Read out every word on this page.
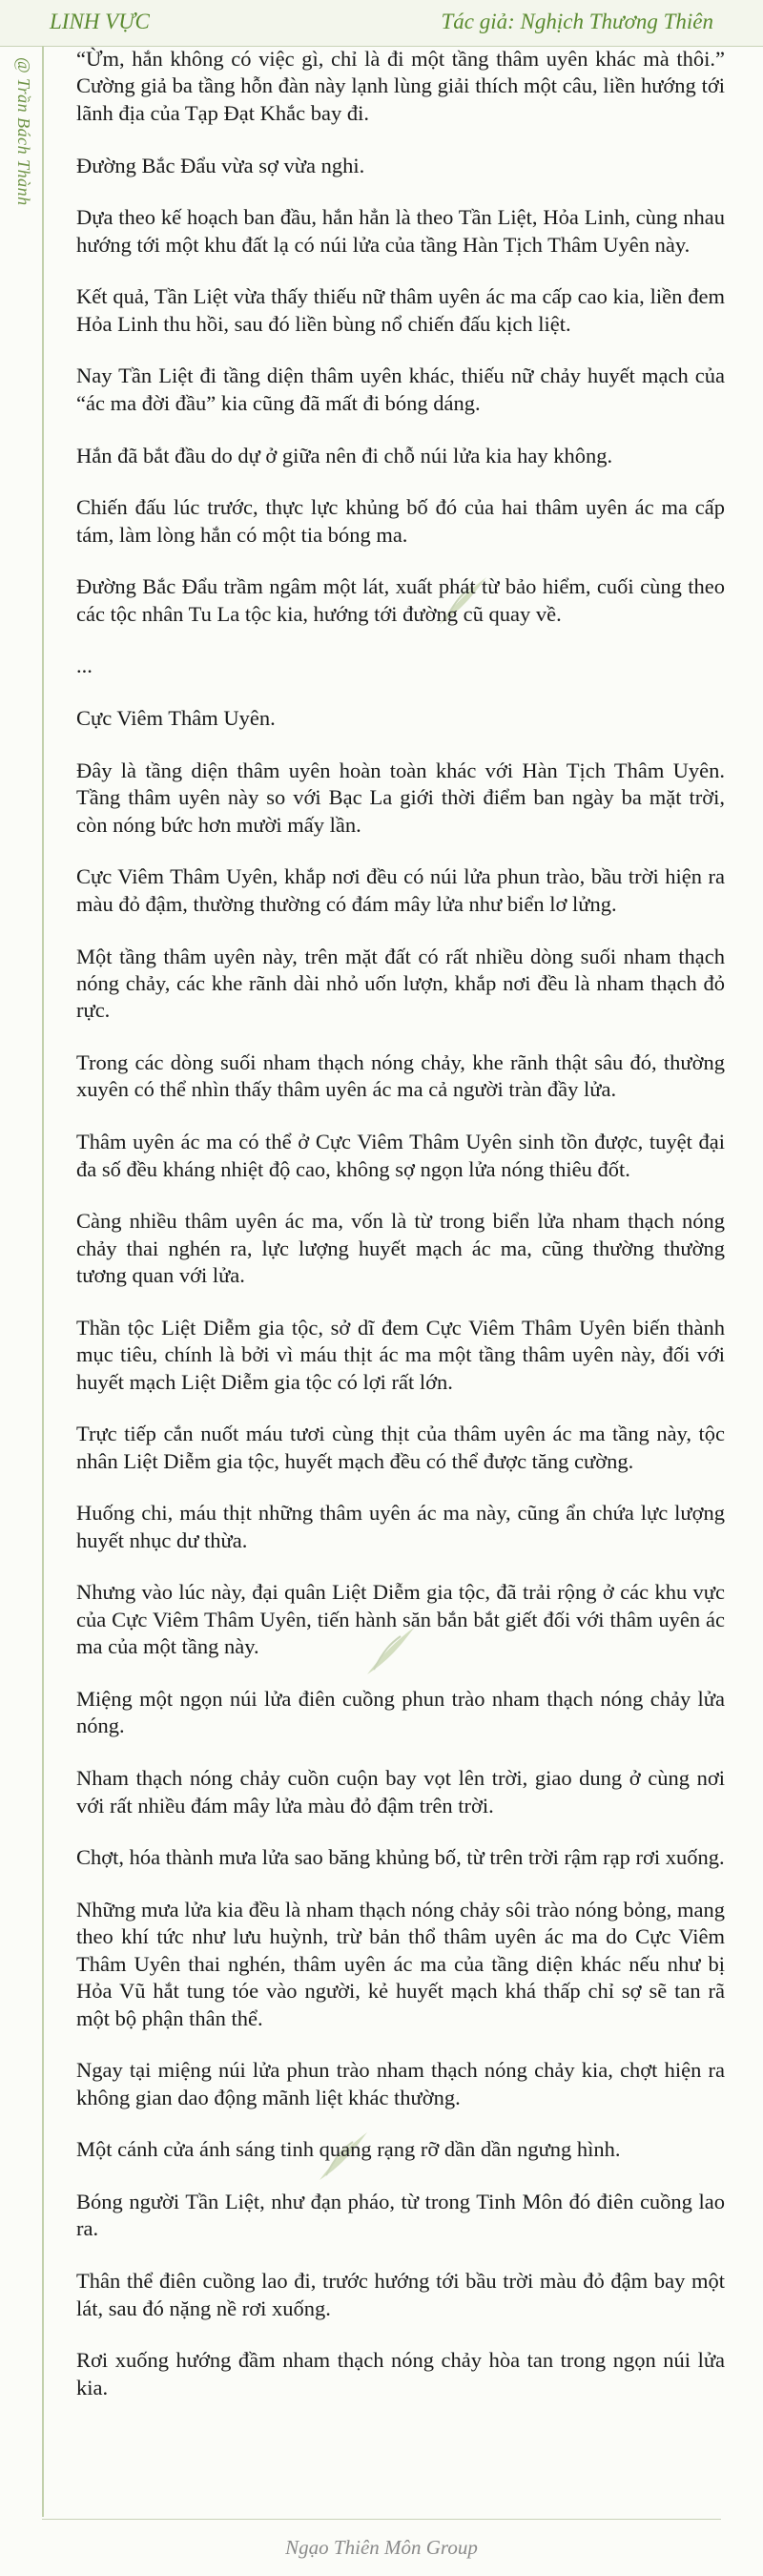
LINH VỰC	Tác giả: Nghịch Thương Thiên
@ Trần Bách Thành “Ừm, hắn không có việc gì, chỉ là đi một tầng thâm uyên khác mà thôi.” Cường giả ba tầng hỗn đàn này lạnh lùng giải thích một câu, liền hướng tới lãnh địa của Tạp Đạt Khắc bay đi.

Đường Bắc Đẩu vừa sợ vừa nghi.

Dựa theo kế hoạch ban đầu, hắn hẳn là theo Tần Liệt, Hỏa Linh, cùng nhau hướng tới một khu đất lạ có núi lửa của tầng Hàn Tịch Thâm Uyên này.

Kết quả, Tần Liệt vừa thấy thiếu nữ thâm uyên ác ma cấp cao kia, liền đem Hỏa Linh thu hồi, sau đó liền bùng nổ chiến đấu kịch liệt.

Nay Tần Liệt đi tầng diện thâm uyên khác, thiếu nữ chảy huyết mạch của “ác ma đời đầu” kia cũng đã mất đi bóng dáng.

Hắn đã bắt đầu do dự ở giữa nên đi chỗ núi lửa kia hay không.

Chiến đấu lúc trước, thực lực khủng bố đó của hai thâm uyên ác ma cấp tám, làm lòng hắn có một tia bóng ma.

Đường Bắc Đẩu trầm ngâm một lát, xuất phát từ bảo hiểm, cuối cùng theo các tộc nhân Tu La tộc kia, hướng tới đường cũ quay về.

...

Cực Viêm Thâm Uyên.

Đây là tầng diện thâm uyên hoàn toàn khác với Hàn Tịch Thâm Uyên. Tầng thâm uyên này so với Bạc La giới thời điểm ban ngày ba mặt trời, còn nóng bức hơn mười mấy lần.

Cực Viêm Thâm Uyên, khắp nơi đều có núi lửa phun trào, bầu trời hiện ra màu đỏ đậm, thường thường có đám mây lửa như biển lơ lửng.

Một tầng thâm uyên này, trên mặt đất có rất nhiều dòng suối nham thạch nóng chảy, các khe rãnh dài nhỏ uốn lượn, khắp nơi đều là nham thạch đỏ rực.

Trong các dòng suối nham thạch nóng chảy, khe rãnh thật sâu đó, thường xuyên có thể nhìn thấy thâm uyên ác ma cả người tràn đầy lửa.

Thâm uyên ác ma có thể ở Cực Viêm Thâm Uyên sinh tồn được, tuyệt đại đa số đều kháng nhiệt độ cao, không sợ ngọn lửa nóng thiêu đốt.

Càng nhiều thâm uyên ác ma, vốn là từ trong biển lửa nham thạch nóng chảy thai nghén ra, lực lượng huyết mạch ác ma, cũng thường thường tương quan với lửa.

Thần tộc Liệt Diễm gia tộc, sở dĩ đem Cực Viêm Thâm Uyên biến thành mục tiêu, chính là bởi vì máu thịt ác ma một tầng thâm uyên này, đối với huyết mạch Liệt Diễm gia tộc có lợi rất lớn.

Trực tiếp cắn nuốt máu tươi cùng thịt của thâm uyên ác ma tầng này, tộc nhân Liệt Diễm gia tộc, huyết mạch đều có thể được tăng cường.

Huống chi, máu thịt những thâm uyên ác ma này, cũng ẩn chứa lực lượng huyết nhục dư thừa.

Nhưng vào lúc này, đại quân Liệt Diễm gia tộc, đã trải rộng ở các khu vực của Cực Viêm Thâm Uyên, tiến hành săn bắn bắt giết đối với thâm uyên ác ma của một tầng này.

Miệng một ngọn núi lửa điên cuồng phun trào nham thạch nóng chảy lửa nóng.

Nham thạch nóng chảy cuồn cuộn bay vọt lên trời, giao dung ở cùng nơi với rất nhiều đám mây lửa màu đỏ đậm trên trời.

Chợt, hóa thành mưa lửa sao băng khủng bố, từ trên trời rậm rạp rơi xuống.

Những mưa lửa kia đều là nham thạch nóng chảy sôi trào nóng bỏng, mang theo khí tức như lưu huỳnh, trừ bản thổ thâm uyên ác ma do Cực Viêm Thâm Uyên thai nghén, thâm uyên ác ma của tầng diện khác nếu như bị Hỏa Vũ hắt tung tóe vào người, kẻ huyết mạch khá thấp chỉ sợ sẽ tan rã một bộ phận thân thể.

Ngay tại miệng núi lửa phun trào nham thạch nóng chảy kia, chợt hiện ra không gian dao động mãnh liệt khác thường.

Một cánh cửa ánh sáng tinh quang rạng rỡ dần dần ngưng hình.

Bóng người Tần Liệt, như đạn pháo, từ trong Tinh Môn đó điên cuồng lao ra.

Thân thể điên cuồng lao đi, trước hướng tới bầu trời màu đỏ đậm bay một lát, sau đó nặng nề rơi xuống.

Rơi xuống hướng đầm nham thạch nóng chảy hòa tan trong ngọn núi lửa kia.

Ngạo Thiên Môn Group
